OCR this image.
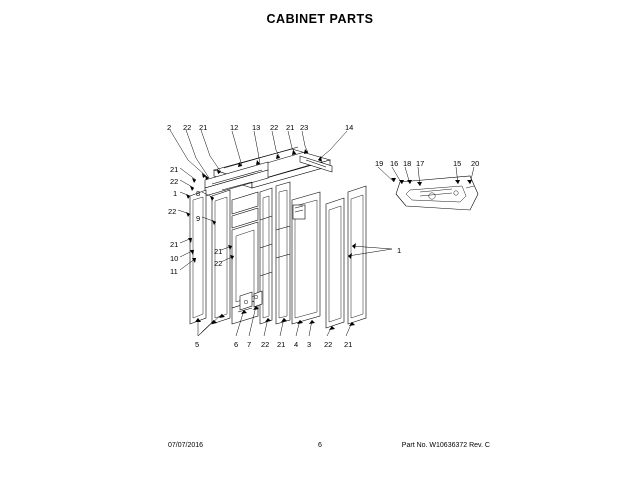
CABINET PARTS
2 22 21	12 13 22 21 23	14
19 16 18 17	15 20
21
22
1	8
22
9
21
21
10
22
11
1
5	6 7 22 21 4 3 22 21
07/07/2016	6	Part No. W10636372 Rev. C
